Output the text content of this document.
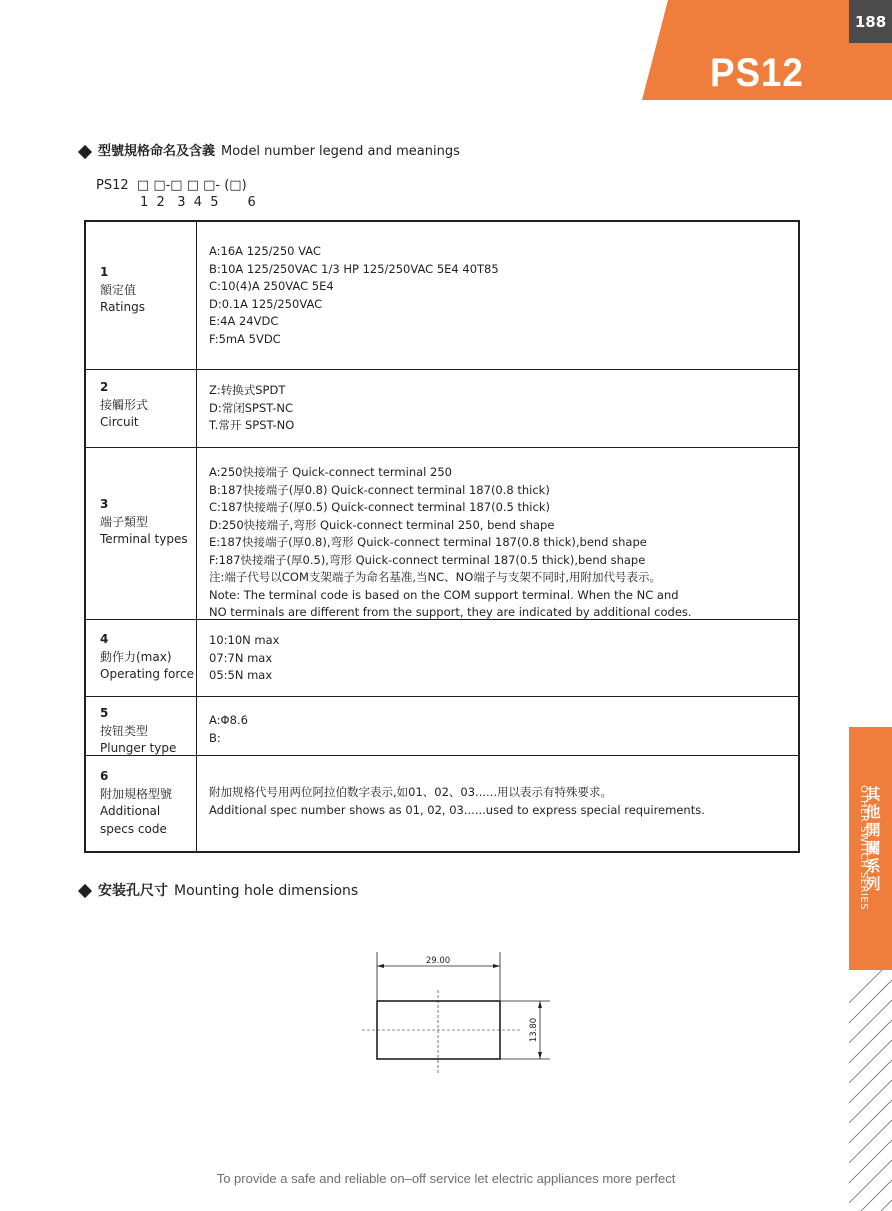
PS12
188
型號規格命名及含義 Model number legend and meanings
PS12  □ □-□ □ □- (□)
1  2   3  4  5       6
1
額定值
Ratings
A:16A 125/250 VAC
B:10A 125/250VAC 1/3 HP 125/250VAC 5E4 40T85
C:10(4)A 250VAC 5E4
D:0.1A 125/250VAC
E:4A 24VDC
F:5mA 5VDC
2
接觸形式
Circuit
Z:转换式SPDT
D:常闭SPST-NC
T.常开 SPST-NO
3
端子類型
Terminal types
A:250快接端子 Quick-connect terminal 250
B:187快接端子(厚0.8) Quick-connect terminal 187(0.8 thick)
C:187快接端子(厚0.5) Quick-connect terminal 187(0.5 thick)
D:250快接端子,弯形 Quick-connect terminal 250, bend shape
E:187快接端子(厚0.8),弯形 Quick-connect terminal 187(0.8 thick),bend shape
F:187快接端子(厚0.5),弯形 Quick-connect terminal 187(0.5 thick),bend shape
注:端子代号以COM支架端子为命名基准,当NC、NO端子与支架不同时,用附加代号表示。
Note: The terminal code is based on the COM support terminal. When the NC and
NO terminals are different from the support, they are indicated by additional codes.
4
動作力(max)
Operating force
10:10N max
07:7N max
05:5N max
5
按钮类型
Plunger type
A:Φ8.6
B:
6
附加規格型號
Additional
specs code
附加规格代号用两位阿拉伯数字表示,如01、02、03......用以表示有特殊要求。
Additional spec number shows as 01, 02, 03......used to express special requirements.
安装孔尺寸 Mounting hole dimensions
29.00
13.80
OTHER SWITCH SERIES
其
他
開
關
系
列
To provide a safe and reliable on–off service let electric appliances more perfect
